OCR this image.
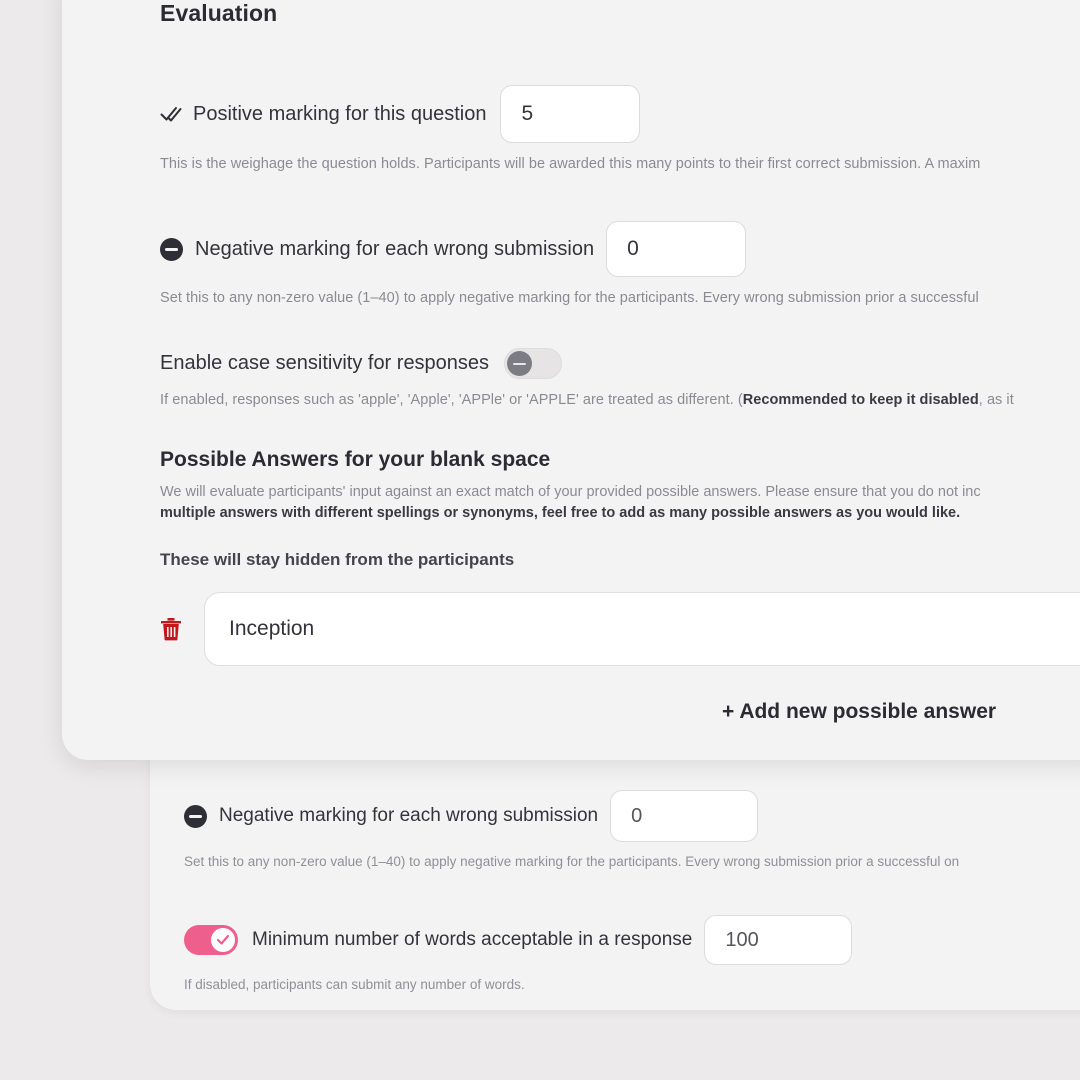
Negative marking for each wrong submission
0
Set this to any non-zero value (1–40) to apply negative marking for the participants. Every wrong submission prior a successful on
Minimum number of words acceptable in a response
100
If disabled, participants can submit any number of words.
Evaluation
Positive marking for this question
5
This is the weighage the question holds. Participants will be awarded this many points to their first correct submission. A maxim
Negative marking for each wrong submission
0
Set this to any non-zero value (1–40) to apply negative marking for the participants. Every wrong submission prior a successful
Enable case sensitivity for responses
If enabled, responses such as 'apple', 'Apple', 'APPle' or 'APPLE' are treated as different. (Recommended to keep it disabled, as it
Possible Answers for your blank space
We will evaluate participants' input against an exact match of your provided possible answers. Please ensure that you do not inc
multiple answers with different spellings or synonyms, feel free to add as many possible answers as you would like.
These will stay hidden from the participants
Inception
+ Add new possible answer
